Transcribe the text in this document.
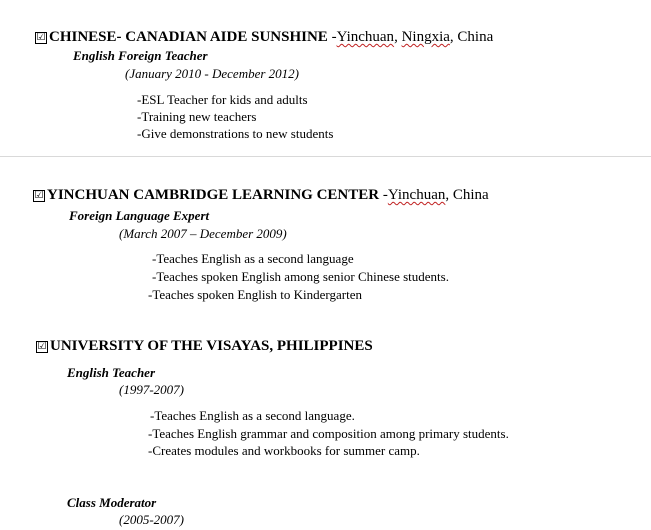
☑ CHINESE- CANADIAN AIDE SUNSHINE -Yinchuan, Ningxia, China
English Foreign Teacher
(January 2010 - December 2012)
-ESL Teacher for kids and adults
-Training new teachers
-Give demonstrations to new students
☑ YINCHUAN CAMBRIDGE LEARNING CENTER -Yinchuan, China
Foreign Language Expert
(March 2007 – December 2009)
-Teaches English as a second language
-Teaches spoken English among senior Chinese students.
-Teaches spoken English to Kindergarten
☑ UNIVERSITY OF THE VISAYAS, PHILIPPINES
English Teacher
(1997-2007)
-Teaches English as a second language.
-Teaches English grammar and composition among primary students.
-Creates modules and workbooks for summer camp.
Class Moderator
(2005-2007)
